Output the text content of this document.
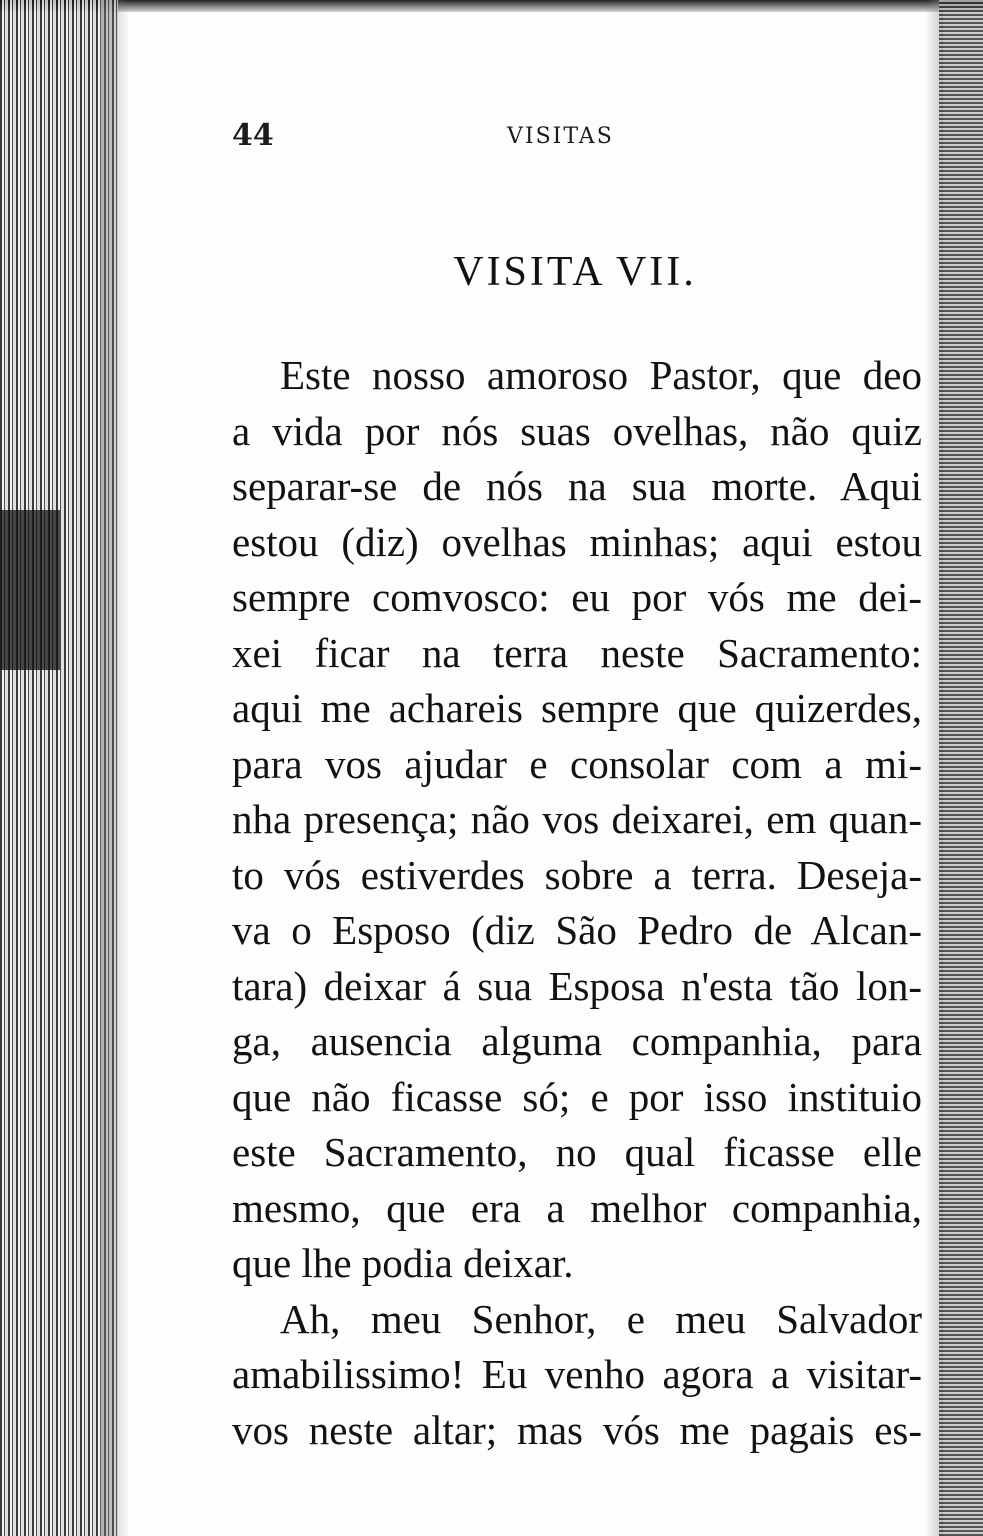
44	VISITAS
VISITA VII.
Este nosso amoroso Pastor, que deo
a vida por nós suas ovelhas, não quiz
separar-se de nós na sua morte. Aqui
estou (diz) ovelhas minhas; aqui estou
sempre comvosco: eu por vós me dei-
xei ficar na terra neste Sacramento:
aqui me achareis sempre que quizerdes,
para vos ajudar e consolar com a mi-
nha presença; não vos deixarei, em quan-
to vós estiverdes sobre a terra. Deseja-
va o Esposo (diz São Pedro de Alcan-
tara) deixar á sua Esposa n'esta tão lon-
ga, ausencia alguma companhia, para
que não ficasse só; e por isso instituio
este Sacramento, no qual ficasse elle
mesmo, que era a melhor companhia,
que lhe podia deixar.
Ah, meu Senhor, e meu Salvador
amabilissimo! Eu venho agora a visitar-
vos neste altar; mas vós me pagais es-
